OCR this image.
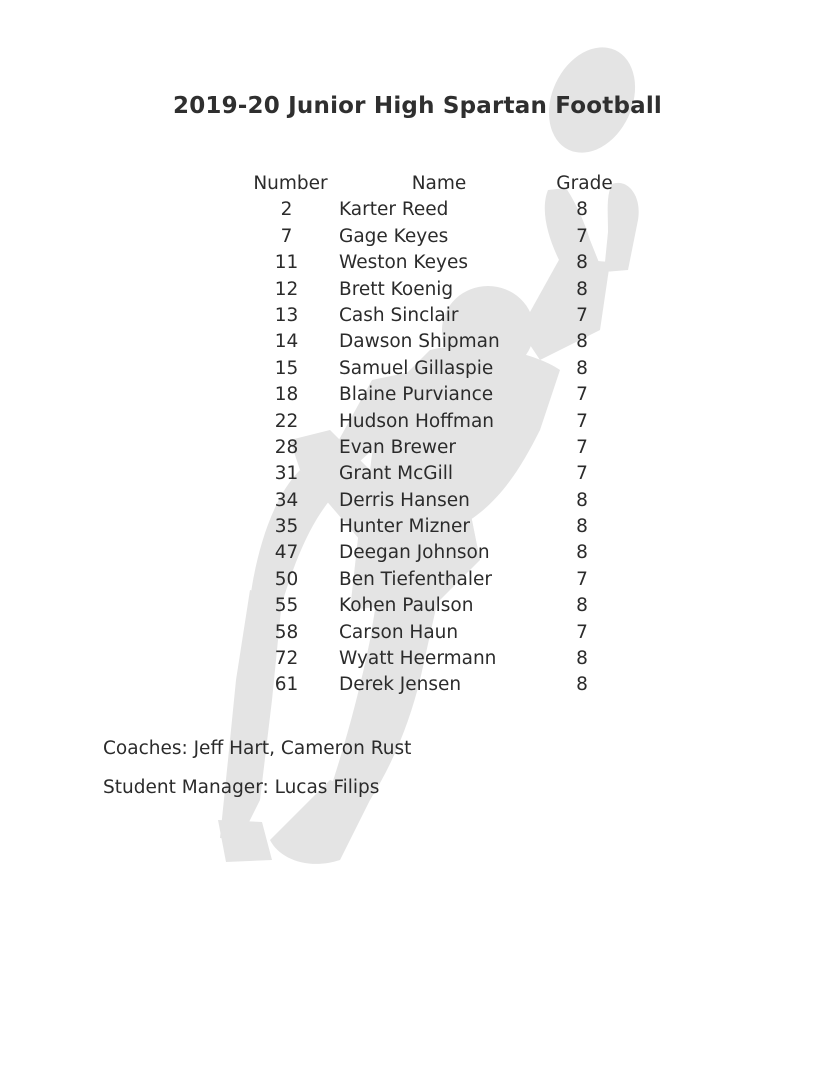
2019-20 Junior High Spartan Football
Number	Name	Grade
2	Karter Reed	8
7	Gage Keyes	7
11	Weston Keyes	8
12	Brett Koenig	8
13	Cash Sinclair	7
14	Dawson Shipman	8
15	Samuel Gillaspie	8
18	Blaine Purviance	7
22	Hudson Hoffman	7
28	Evan Brewer	7
31	Grant McGill	7
34	Derris Hansen	8
35	Hunter Mizner	8
47	Deegan Johnson	8
50	Ben Tiefenthaler	7
55	Kohen Paulson	8
58	Carson Haun	7
72	Wyatt Heermann	8
61	Derek Jensen	8
Coaches: Jeff Hart, Cameron Rust
Student Manager: Lucas Filips
